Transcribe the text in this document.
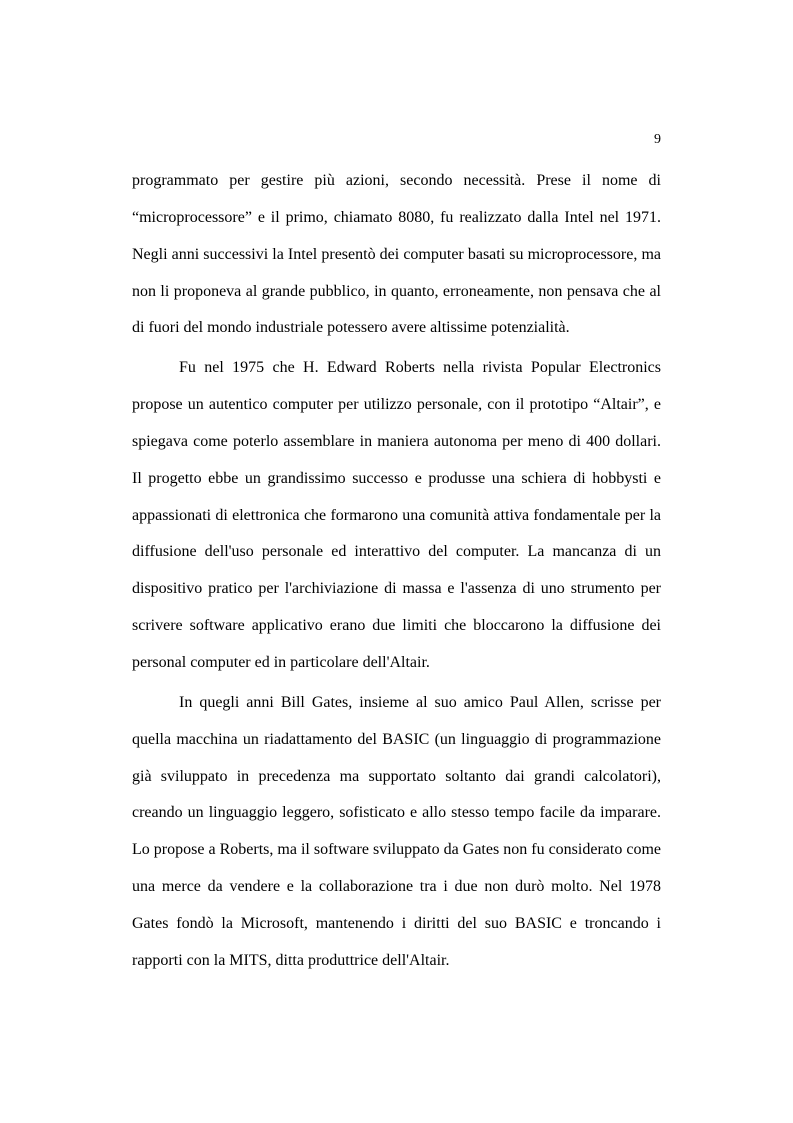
9
programmato per gestire più azioni, secondo necessità. Prese il nome di
“microprocessore” e il primo, chiamato 8080, fu realizzato dalla Intel nel 1971.
Negli anni successivi la Intel presentò dei computer basati su microprocessore, ma
non li proponeva al grande pubblico, in quanto, erroneamente, non pensava che al
di fuori del mondo industriale potessero avere altissime potenzialità.
Fu nel 1975 che H. Edward Roberts nella rivista Popular Electronics
propose un autentico computer per utilizzo personale, con il prototipo “Altair”, e
spiegava come poterlo assemblare in maniera autonoma per meno di 400 dollari.
Il progetto ebbe un grandissimo successo e produsse una schiera di hobbysti e
appassionati di elettronica che formarono una comunità attiva fondamentale per la
diffusione dell'uso personale ed interattivo del computer. La mancanza di un
dispositivo pratico per l'archiviazione di massa e l'assenza di uno strumento per
scrivere software applicativo erano due limiti che bloccarono la diffusione dei
personal computer ed in particolare dell'Altair.
In quegli anni Bill Gates, insieme al suo amico Paul Allen, scrisse per
quella macchina un riadattamento del BASIC (un linguaggio di programmazione
già sviluppato in precedenza ma supportato soltanto dai grandi calcolatori),
creando un linguaggio leggero, sofisticato e allo stesso tempo facile da imparare.
Lo propose a Roberts, ma il software sviluppato da Gates non fu considerato come
una merce da vendere e la collaborazione tra i due non durò molto. Nel 1978
Gates fondò la Microsoft, mantenendo i diritti del suo BASIC e troncando i
rapporti con la MITS, ditta produttrice dell'Altair.
